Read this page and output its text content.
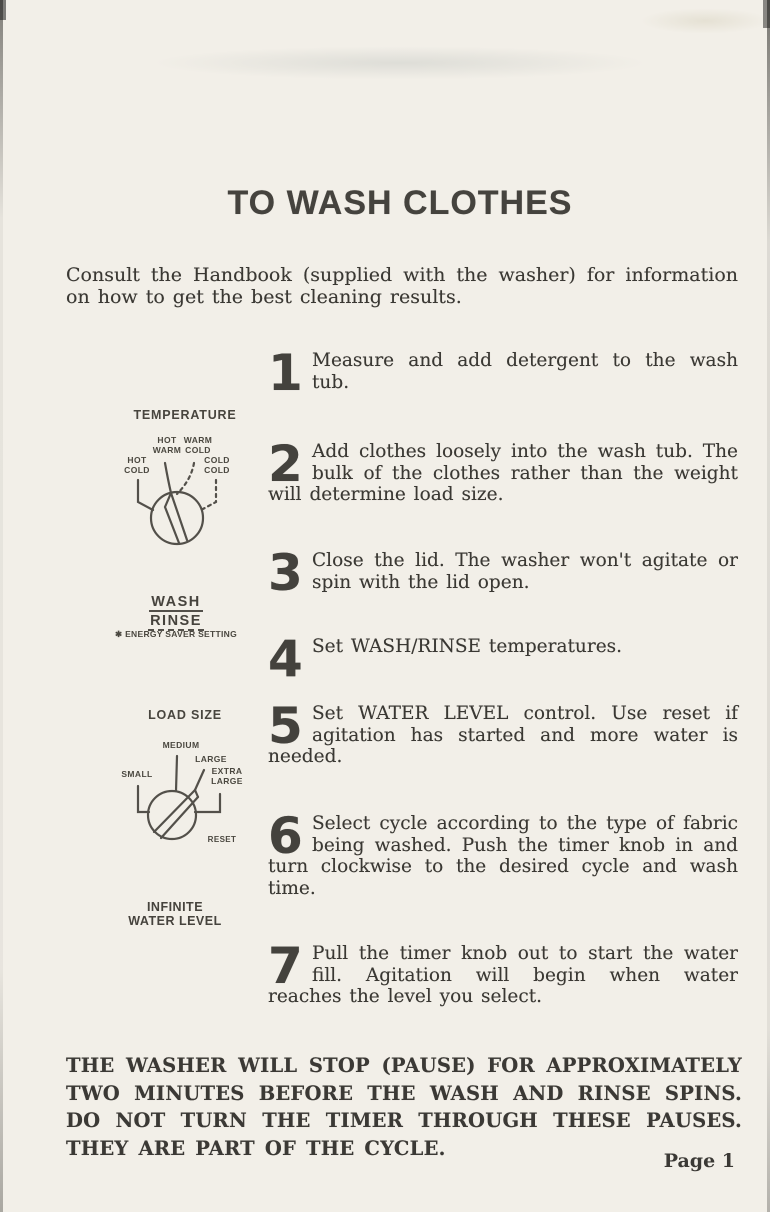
TO WASH CLOTHES
Consult the Handbook (supplied with the washer) for information on how to get the best cleaning results.
TEMPERATURE
HOT
WARM
WARM
COLD
HOT
COLD
COLD
COLD
WASH
RINSE
✱ ENERGY SAVER SETTING
LOAD SIZE
MEDIUM
LARGE
EXTRA
LARGE
SMALL
RESET
INFINITE
WATER LEVEL
1 Measure and add detergent to the wash tub.
2 Add clothes loosely into the wash tub. The bulk of the clothes rather than the weight will determine load size.
3 Close the lid. The washer won't agitate or spin with the lid open.
4 Set WASH/RINSE temperatures.
5 Set WATER LEVEL control. Use reset if agitation has started and more water is needed.
6 Select cycle according to the type of fabric being washed. Push the timer knob in and turn clockwise to the desired cycle and wash time.
7 Pull the timer knob out to start the water fill. Agitation will begin when water reaches the level you select.
THE WASHER WILL STOP (PAUSE) FOR APPROXIMATELY TWO MINUTES BEFORE THE WASH AND RINSE SPINS. DO NOT TURN THE TIMER THROUGH THESE PAUSES. THEY ARE PART OF THE CYCLE.
Page 1
